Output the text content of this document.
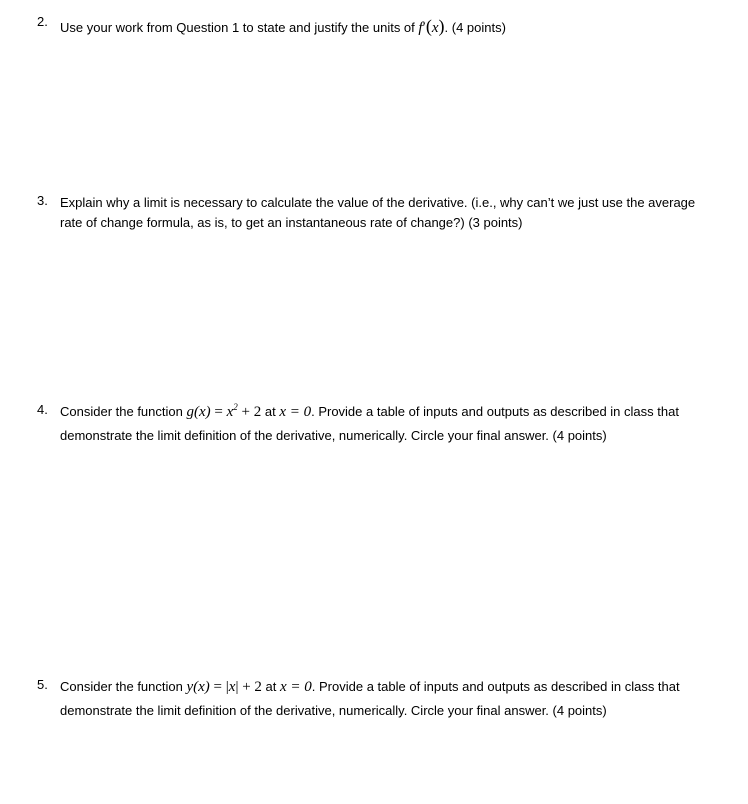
2. Use your work from Question 1 to state and justify the units of f′(x). (4 points)
3. Explain why a limit is necessary to calculate the value of the derivative. (i.e., why can’t we just use the average
rate of change formula, as is, to get an instantaneous rate of change?) (3 points)
4. Consider the function $g(x) = x^2 + 2$ at x = 0. Provide a table of inputs and outputs as described in class that
demonstrate the limit definition of the derivative, numerically. Circle your final answer. (4 points)
5. Consider the function y(x) = |x| + 2 at x = 0. Provide a table of inputs and outputs as described in class that
demonstrate the limit definition of the derivative, numerically. Circle your final answer. (4 points)
